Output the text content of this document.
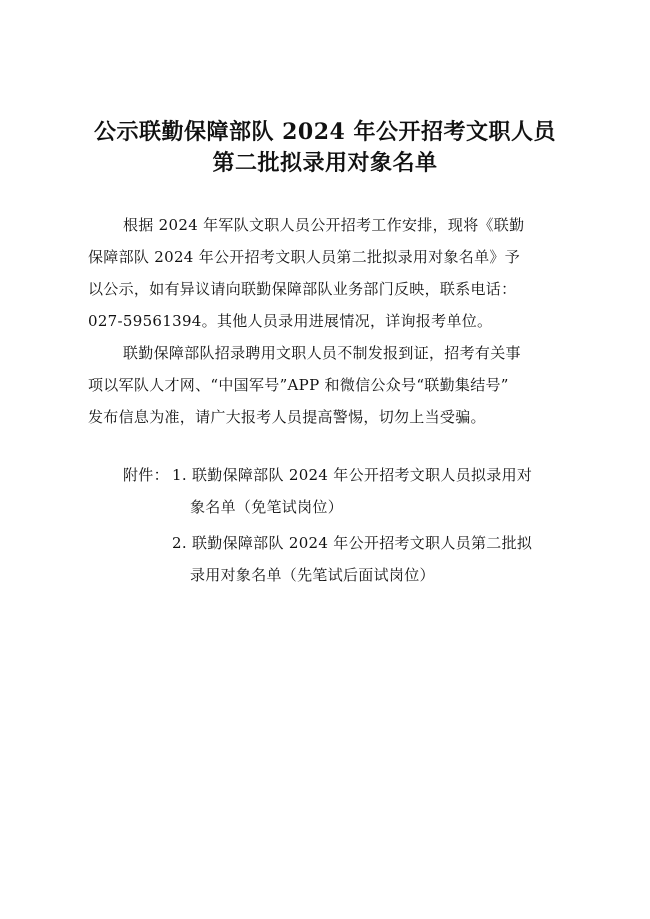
公示联勤保障部队 2024 年公开招考文职人员
第二批拟录用对象名单
根据 2024 年军队文职人员公开招考工作安排，现将《联勤
保障部队 2024 年公开招考文职人员第二批拟录用对象名单》予
以公示，如有异议请向联勤保障部队业务部门反映，联系电话：
027-59561394。其他人员录用进展情况，详询报考单位。
联勤保障部队招录聘用文职人员不制发报到证，招考有关事
项以军队人才网、“中国军号”APP 和微信公众号“联勤集结号”
发布信息为准，请广大报考人员提高警惕，切勿上当受骗。
附件： 1. 联勤保障部队 2024 年公开招考文职人员拟录用对
象名单（免笔试岗位）
2. 联勤保障部队 2024 年公开招考文职人员第二批拟
录用对象名单（先笔试后面试岗位）
